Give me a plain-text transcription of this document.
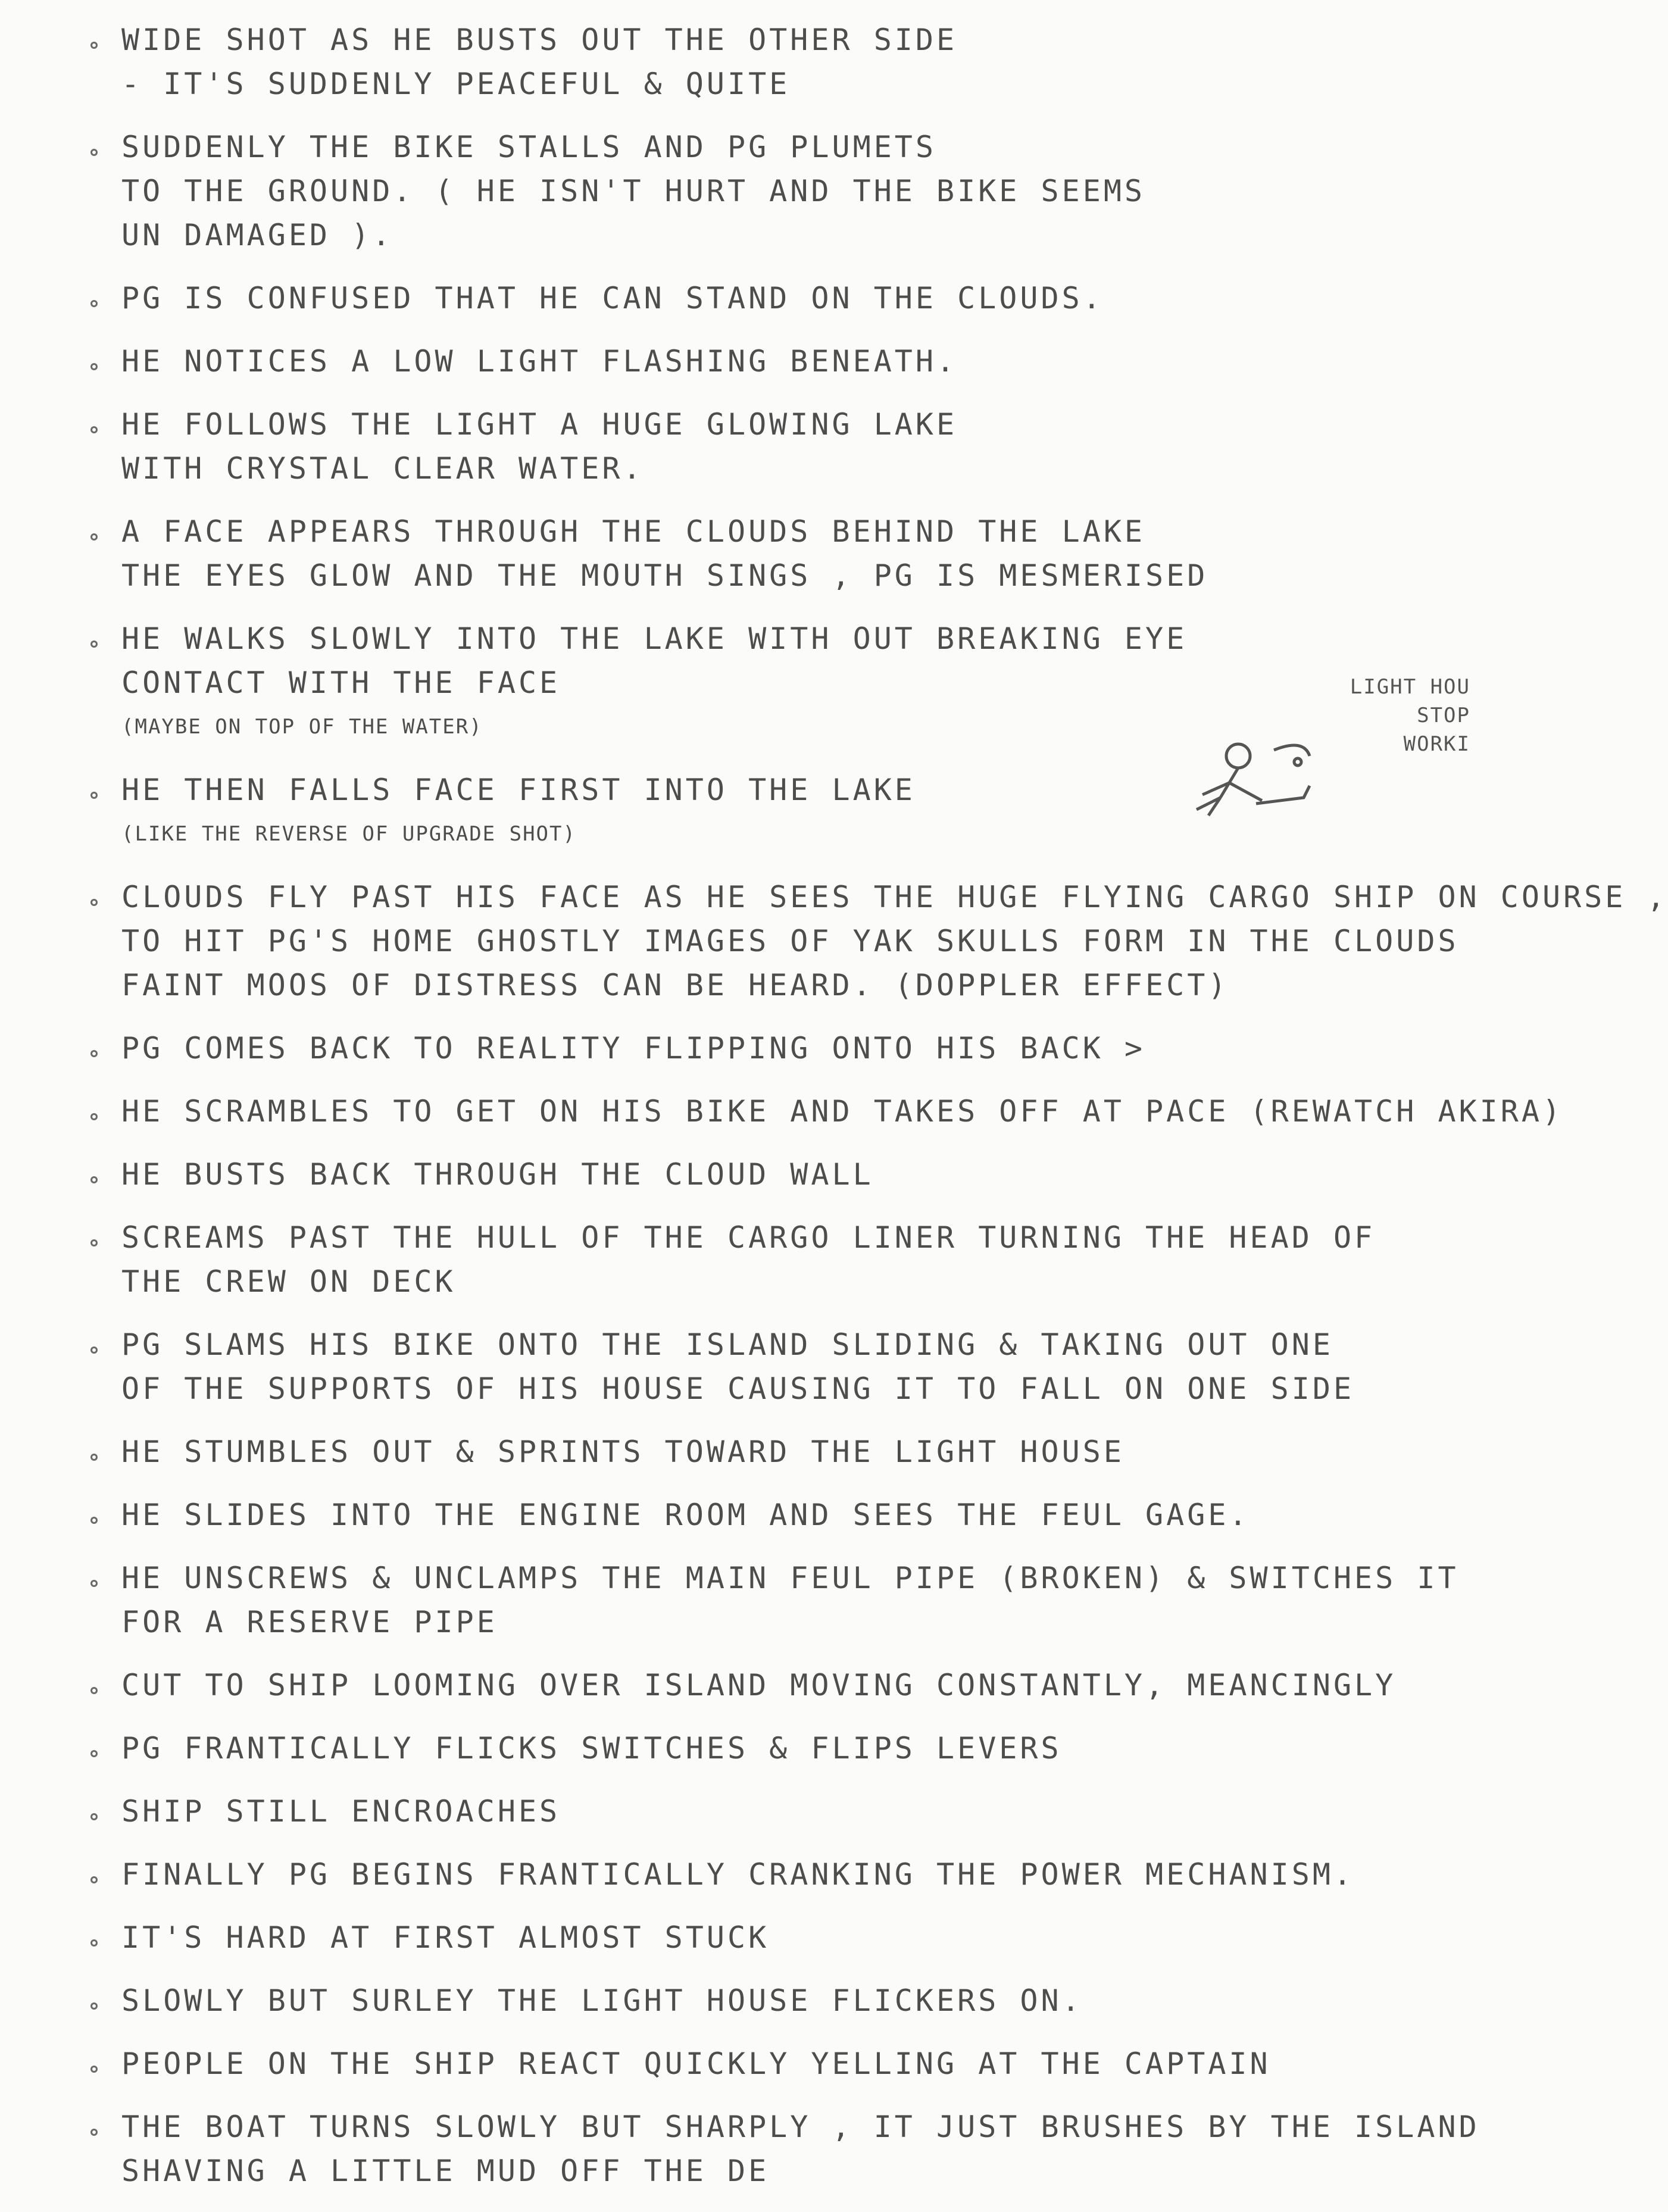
WIDE SHOT AS HE BUSTS OUT THE OTHER SIDE
- IT'S SUDDENLY PEACEFUL & QUITE
SUDDENLY THE BIKE STALLS AND PG PLUMETS
TO THE GROUND. ( HE ISN'T HURT AND THE BIKE SEEMS
UN DAMAGED ).
PG IS CONFUSED THAT HE CAN STAND ON THE CLOUDS.
HE NOTICES A LOW LIGHT FLASHING BENEATH.
HE FOLLOWS THE LIGHT A HUGE GLOWING LAKE
WITH CRYSTAL CLEAR WATER.
A FACE APPEARS THROUGH THE CLOUDS BEHIND THE LAKE
THE EYES GLOW AND THE MOUTH SINGS , PG IS MESMERISED
HE WALKS SLOWLY INTO THE LAKE WITH OUT BREAKING EYE
CONTACT WITH THE FACE
(MAYBE ON TOP OF THE WATER)
HE THEN FALLS FACE FIRST INTO THE LAKE
(LIKE THE REVERSE OF UPGRADE SHOT)
CLOUDS FLY PAST HIS FACE AS HE SEES THE HUGE FLYING CARGO SHIP ON COURSE ,
TO HIT PG'S HOME GHOSTLY IMAGES OF YAK SKULLS FORM IN THE CLOUDS
FAINT MOOS OF DISTRESS CAN BE HEARD. (DOPPLER EFFECT)
PG COMES BACK TO REALITY FLIPPING ONTO HIS BACK >
HE SCRAMBLES TO GET ON HIS BIKE AND TAKES OFF AT PACE (REWATCH AKIRA)
HE BUSTS BACK THROUGH THE CLOUD WALL
SCREAMS PAST THE HULL OF THE CARGO LINER TURNING THE HEAD OF
THE CREW ON DECK
PG SLAMS HIS BIKE ONTO THE ISLAND SLIDING & TAKING OUT ONE
OF THE SUPPORTS OF HIS HOUSE CAUSING IT TO FALL ON ONE SIDE
HE STUMBLES OUT & SPRINTS TOWARD THE LIGHT HOUSE
HE SLIDES INTO THE ENGINE ROOM AND SEES THE FEUL GAGE.
HE UNSCREWS & UNCLAMPS THE MAIN FEUL PIPE (BROKEN) & SWITCHES IT
FOR A RESERVE PIPE
CUT TO SHIP LOOMING OVER ISLAND MOVING CONSTANTLY, MEANCINGLY
PG FRANTICALLY FLICKS SWITCHES & FLIPS LEVERS
SHIP STILL ENCROACHES
FINALLY PG BEGINS FRANTICALLY CRANKING THE POWER MECHANISM.
IT'S HARD AT FIRST ALMOST STUCK
SLOWLY BUT SURLEY THE LIGHT HOUSE FLICKERS ON.
PEOPLE ON THE SHIP REACT QUICKLY YELLING AT THE CAPTAIN
THE BOAT TURNS SLOWLY BUT SHARPLY , IT JUST BRUSHES BY THE ISLAND
SHAVING A LITTLE MUD OFF THE DE
LIGHT HOU STOP WORKI
